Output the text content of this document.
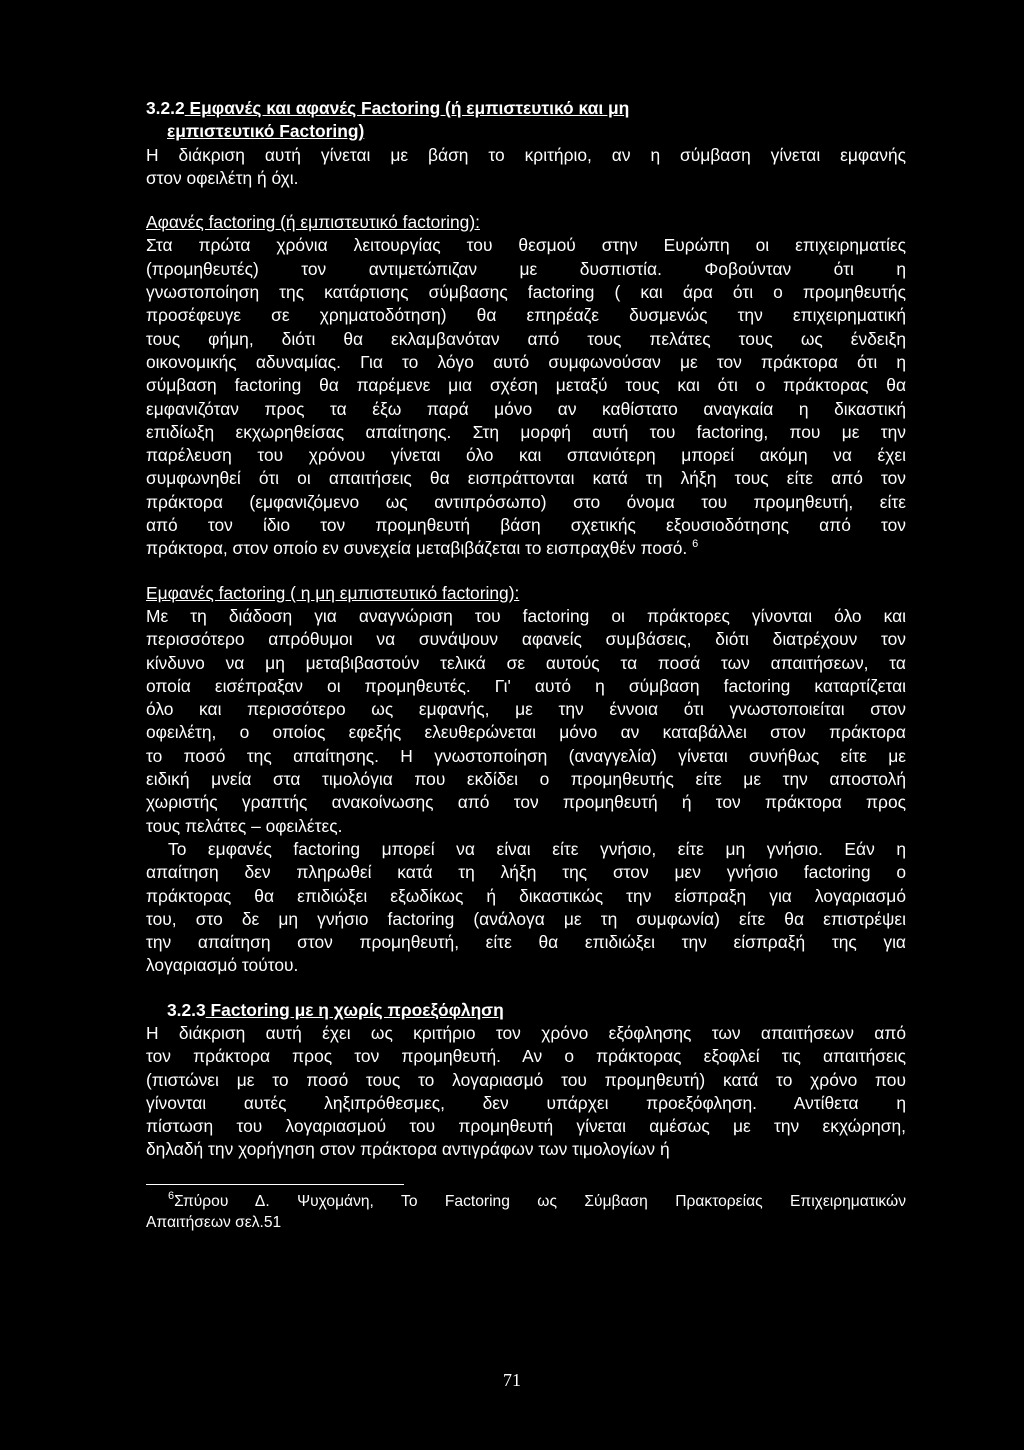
3.2.2 Εμφανές και αφανές Factoring (ή εμπιστευτικό και μη
εμπιστευτικό Factoring)
Η διάκριση αυτή γίνεται με βάση το κριτήριο, αν η σύμβαση γίνεται εμφανής
στον οφειλέτη ή όχι.
Αφανές factoring (ή εμπιστευτικό factoring):
Στα πρώτα χρόνια λειτουργίας του θεσμού στην Ευρώπη οι επιχειρηματίες
(προμηθευτές) τον αντιμετώπιζαν με δυσπιστία. Φοβούνταν ότι η
γνωστοποίηση της κατάρτισης σύμβασης factoring ( και άρα ότι ο προμηθευτής
προσέφευγε σε χρηματοδότηση) θα επηρέαζε δυσμενώς την επιχειρηματική
τους φήμη, διότι θα εκλαμβανόταν από τους πελάτες τους ως ένδειξη
οικονομικής αδυναμίας. Για το λόγο αυτό συμφωνούσαν με τον πράκτορα ότι η
σύμβαση factoring θα παρέμενε μια σχέση μεταξύ τους και ότι ο πράκτορας θα
εμφανιζόταν προς τα έξω παρά μόνο αν καθίστατο αναγκαία η δικαστική
επιδίωξη εκχωρηθείσας απαίτησης. Στη μορφή αυτή του factoring, που με την
παρέλευση του χρόνου γίνεται όλο και σπανιότερη μπορεί ακόμη να έχει
συμφωνηθεί ότι οι απαιτήσεις θα εισπράττονται κατά τη λήξη τους είτε από τον
πράκτορα (εμφανιζόμενο ως αντιπρόσωπο) στο όνομα του προμηθευτή, είτε
από τον ίδιο τον προμηθευτή βάση σχετικής εξουσιοδότησης από τον
πράκτορα, στον οποίο εν συνεχεία μεταβιβάζεται το εισπραχθέν ποσό. $^6$
Εμφανές factoring ( η μη εμπιστευτικό factoring):
Με τη διάδοση για αναγνώριση του factoring οι πράκτορες γίνονται όλο και
περισσότερο απρόθυμοι να συνάψουν αφανείς συμβάσεις, διότι διατρέχουν τον
κίνδυνο να μη μεταβιβαστούν τελικά σε αυτούς τα ποσά των απαιτήσεων, τα
οποία εισέπραξαν οι προμηθευτές. Γι' αυτό η σύμβαση factoring καταρτίζεται
όλο και περισσότερο ως εμφανής, με την έννοια ότι γνωστοποιείται στον
οφειλέτη, ο οποίος εφεξής ελευθερώνεται μόνο αν καταβάλλει στον πράκτορα
το ποσό της απαίτησης. Η γνωστοποίηση (αναγγελία) γίνεται συνήθως είτε με
ειδική μνεία στα τιμολόγια που εκδίδει ο προμηθευτής είτε με την αποστολή
χωριστής γραπτής ανακοίνωσης από τον προμηθευτή ή τον πράκτορα προς
τους πελάτες – οφειλέτες.
Το εμφανές factoring μπορεί να είναι είτε γνήσιο, είτε μη γνήσιο. Εάν η
απαίτηση δεν πληρωθεί κατά τη λήξη της στον μεν γνήσιο factoring ο
πράκτορας θα επιδιώξει εξωδίκως ή δικαστικώς την είσπραξη για λογαριασμό
του, στο δε μη γνήσιο factoring (ανάλογα με τη συμφωνία) είτε θα επιστρέψει
την απαίτηση στον προμηθευτή, είτε θα επιδιώξει την είσπραξή της για
λογαριασμό τούτου.
3.2.3 Factoring με η χωρίς προεξόφληση
Η διάκριση αυτή έχει ως κριτήριο τον χρόνο εξόφλησης των απαιτήσεων από
τον πράκτορα προς τον προμηθευτή. Αν ο πράκτορας εξοφλεί τις απαιτήσεις
(πιστώνει με το ποσό τους το λογαριασμό του προμηθευτή) κατά το χρόνο που
γίνονται αυτές ληξιπρόθεσμες, δεν υπάρχει προεξόφληση. Αντίθετα η
πίστωση του λογαριασμού του προμηθευτή γίνεται αμέσως με την εκχώρηση,
δηλαδή την χορήγηση στον πράκτορα αντιγράφων των τιμολογίων ή
$^6$Σπύρου Δ. Ψυχομάνη, Το Factoring ως Σύμβαση Πρακτορείας Επιχειρηματικών
Απαιτήσεων σελ.51
71
